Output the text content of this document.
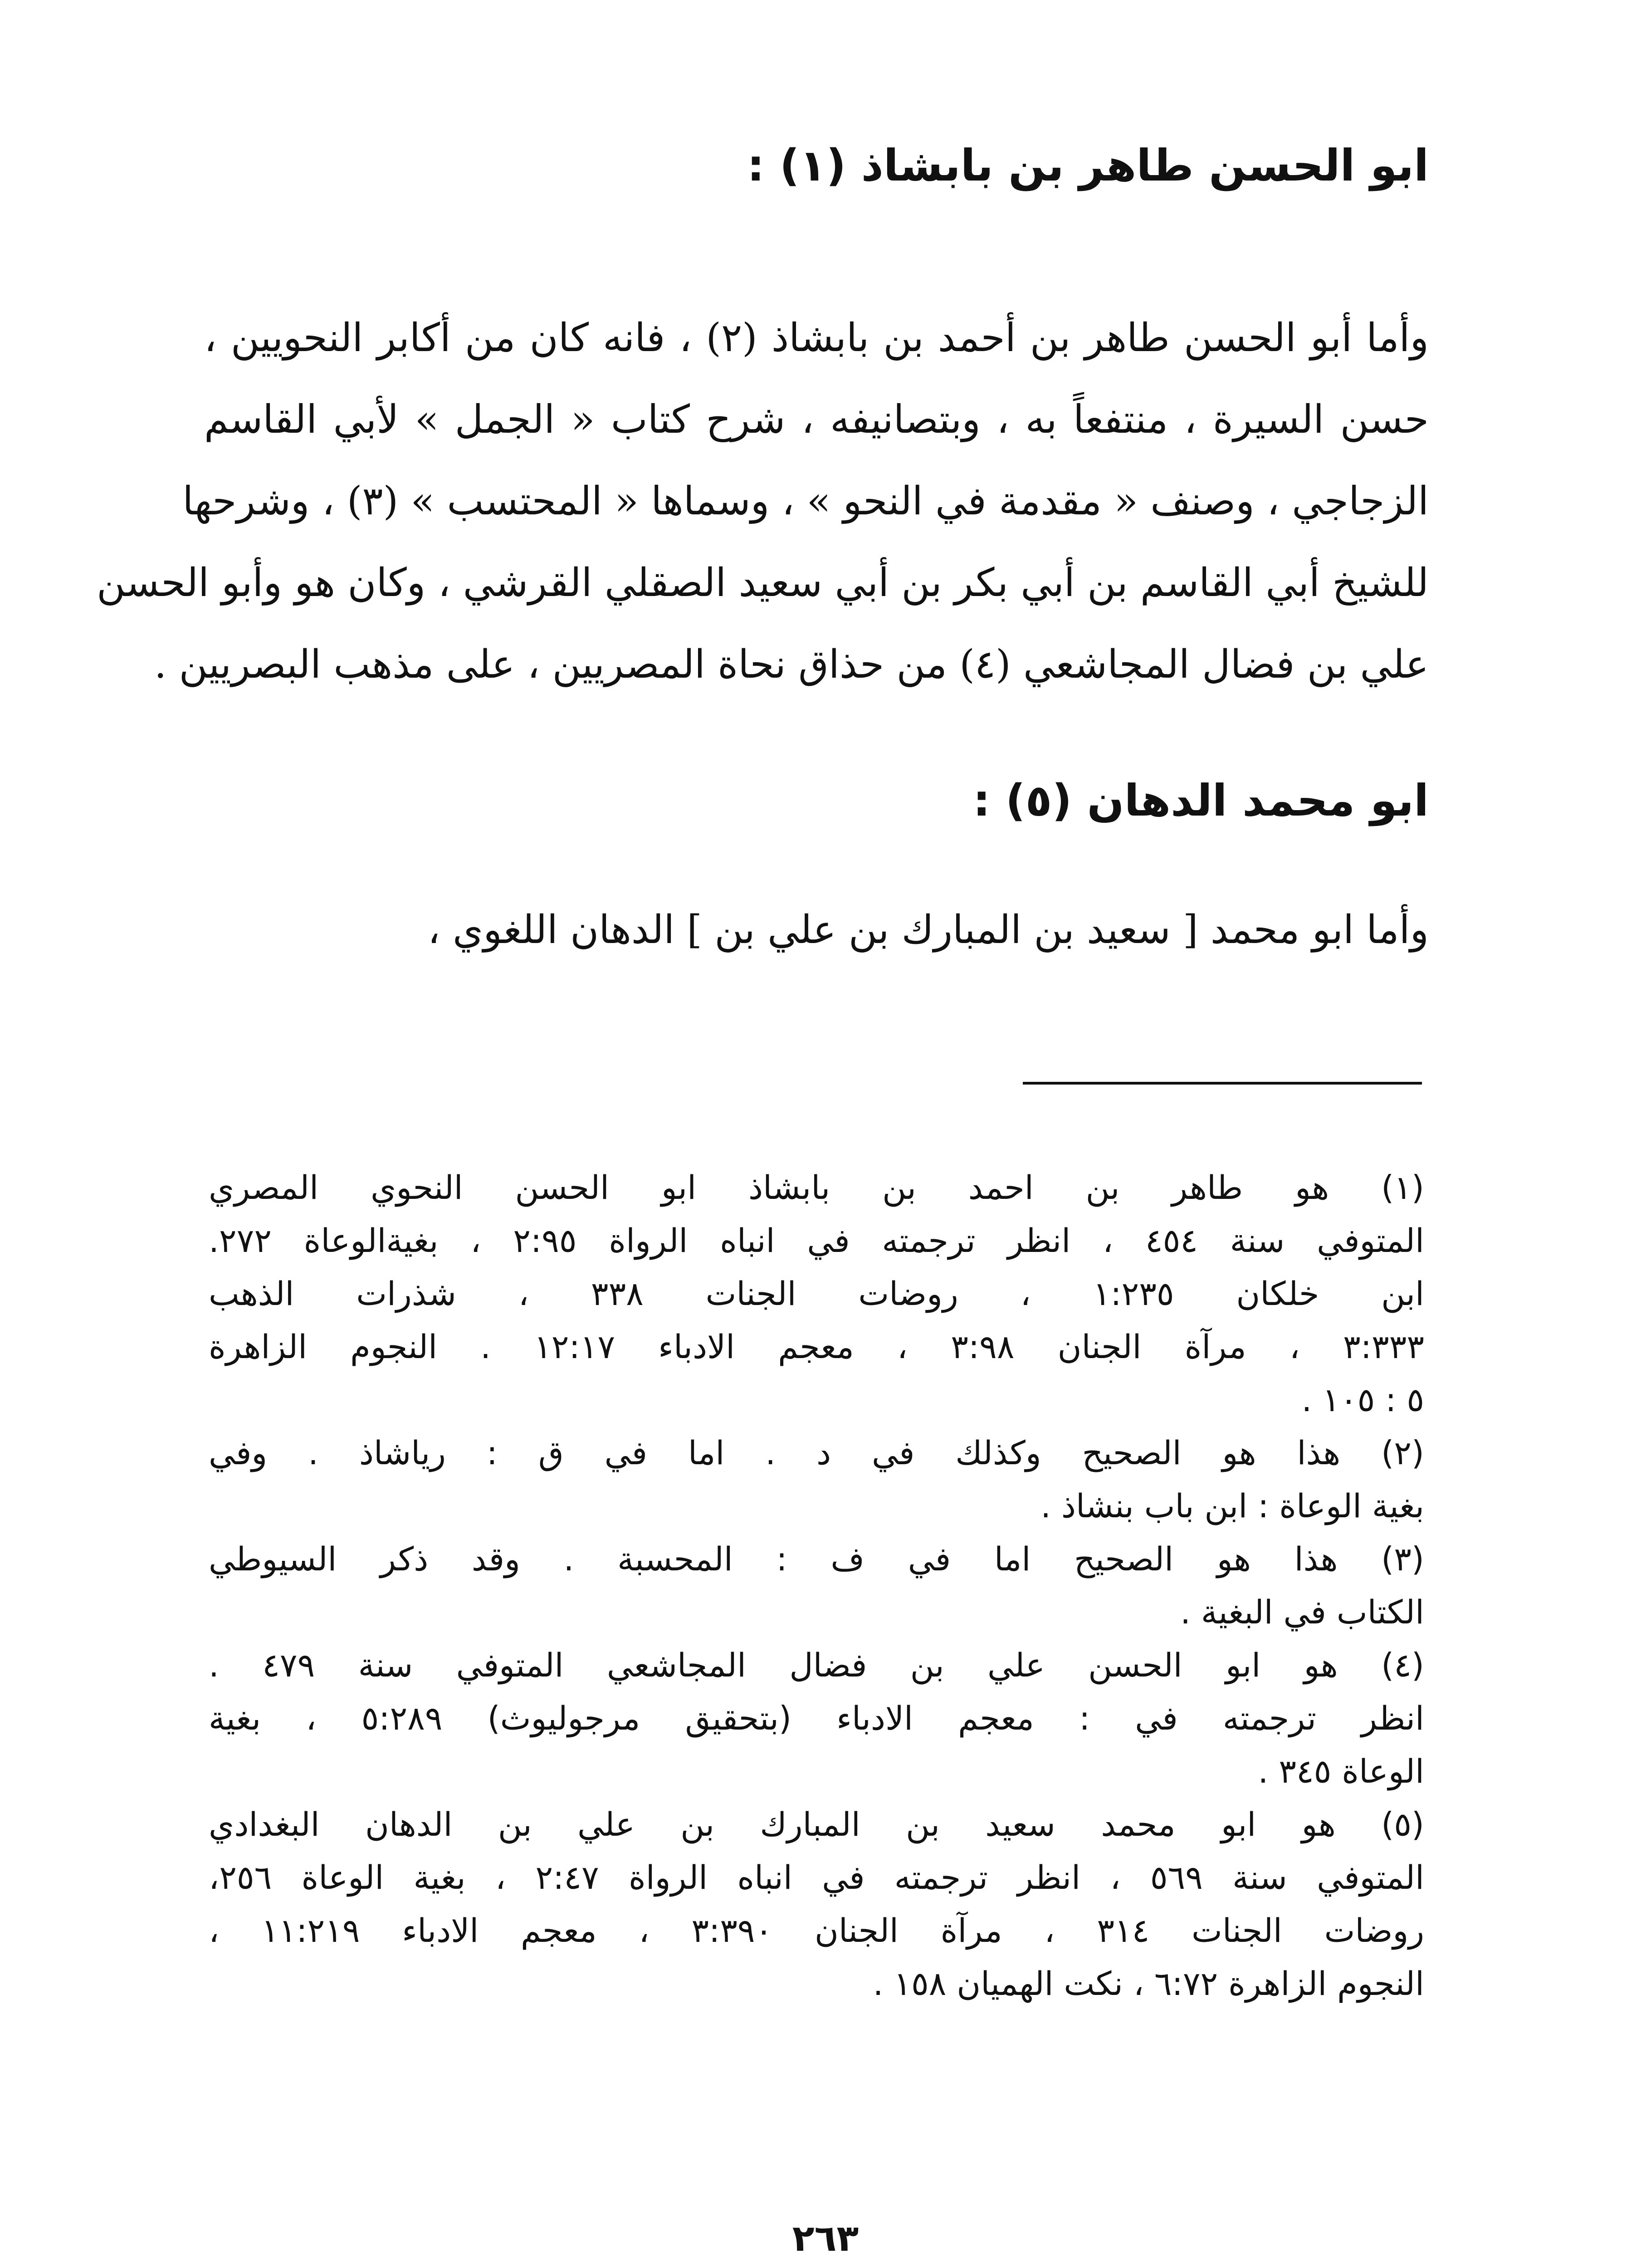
ابو الحسن طاهر بن بابشاذ (١) :
وأما أبو الحسن طاهر بن أحمد بن بابشاذ (٢) ، فانه كان من أكابر النحويين ،
حسن السيرة ، منتفعاً به ، وبتصانيفه ، شرح كتاب « الجمل » لأبي القاسم
الزجاجي ، وصنف « مقدمة في النحو » ، وسماها « المحتسب » (٣) ، وشرحها
للشيخ أبي القاسم بن أبي بكر بن أبي سعيد الصقلي القرشي ، وكان هو وأبو الحسن
علي بن فضال المجاشعي (٤) من حذاق نحاة المصريين ، على مذهب البصريين .
ابو محمد الدهان (٥) :
وأما ابو محمد [ سعيد بن المبارك بن علي بن ] الدهان اللغوي ،
(١) هو طاهر بن احمد بن بابشاذ ابو الحسن النحوي المصري
المتوفي سنة ٤٥٤ ، انظر ترجمته في انباه الرواة ٢:٩٥ ، بغيةالوعاة ٢٧٢.
ابن خلكان ١:٢٣٥ ، روضات الجنات ٣٣٨ ، شذرات الذهب
٣:٣٣٣ ، مرآة الجنان ٣:٩٨ ، معجم الادباء ١٢:١٧ . النجوم الزاهرة
٥ : ١٠٥ .
(٢) هذا هو الصحيح وكذلك في د . اما في ق : رياشاذ . وفي
بغية الوعاة : ابن باب بنشاذ .
(٣) هذا هو الصحيح اما في ف : المحسبة . وقد ذكر السيوطي
الكتاب في البغية .
(٤) هو ابو الحسن علي بن فضال المجاشعي المتوفي سنة ٤٧٩ .
انظر ترجمته في : معجم الادباء (بتحقيق مرجوليوث) ٥:٢٨٩ ، بغية
الوعاة ٣٤٥ .
(٥) هو ابو محمد سعيد بن المبارك بن علي بن الدهان البغدادي
المتوفي سنة ٥٦٩ ، انظر ترجمته في انباه الرواة ٢:٤٧ ، بغية الوعاة ٢٥٦،
روضات الجنات ٣١٤ ، مرآة الجنان ٣:٣٩٠ ، معجم الادباء ١١:٢١٩ ،
النجوم الزاهرة ٦:٧٢ ، نكت الهميان ١٥٨ .
٢٦٣
